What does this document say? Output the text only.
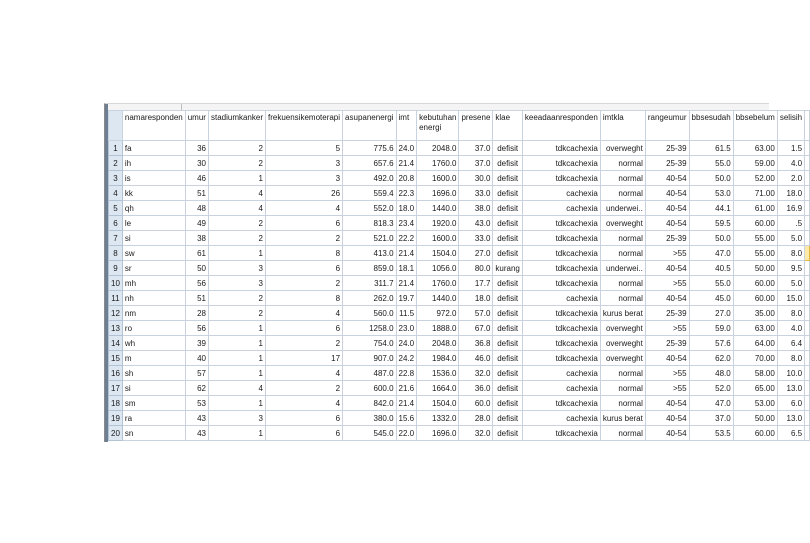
	namaresponden	umur	stadiumkanker	frekuensikemoterapi	asupanenergi	imt	kebutuhan energi	presene	klae	keeadaanresponden	imtkla	rangeumur	bbsesudah	bbsebelum	selisih	
1	fa	36	2	5	775.6	24.0	2048.0	37.0	defisit	tdkcachexia	overweght	25-39	61.5	63.00	1.5	
2	ih	30	2	3	657.6	21.4	1760.0	37.0	defisit	tdkcachexia	normal	25-39	55.0	59.00	4.0	
3	is	46	1	3	492.0	20.8	1600.0	30.0	defisit	tdkcachexia	normal	40-54	50.0	52.00	2.0	
4	kk	51	4	26	559.4	22.3	1696.0	33.0	defisit	cachexia	normal	40-54	53.0	71.00	18.0	
5	qh	48	4	4	552.0	18.0	1440.0	38.0	defisit	cachexia	underwei..	40-54	44.1	61.00	16.9	
6	le	49	2	6	818.3	23.4	1920.0	43.0	defisit	tdkcachexia	overweght	40-54	59.5	60.00	.5	
7	si	38	2	2	521.0	22.2	1600.0	33.0	defisit	tdkcachexia	normal	25-39	50.0	55.00	5.0	
8	sw	61	1	8	413.0	21.4	1504.0	27.0	defisit	tdkcachexia	normal	>55	47.0	55.00	8.0	
9	sr	50	3	6	859.0	18.1	1056.0	80.0	kurang	tdkcachexia	underwei..	40-54	40.5	50.00	9.5	
10	mh	56	3	2	311.7	21.4	1760.0	17.7	defisit	tdkcachexia	normal	>55	55.0	60.00	5.0	
11	nh	51	2	8	262.0	19.7	1440.0	18.0	defisit	cachexia	normal	40-54	45.0	60.00	15.0	
12	nm	28	2	4	560.0	11.5	972.0	57.0	defisit	tdkcachexia	kurus berat	25-39	27.0	35.00	8.0	
13	ro	56	1	6	1258.0	23.0	1888.0	67.0	defisit	tdkcachexia	overweght	>55	59.0	63.00	4.0	
14	wh	39	1	2	754.0	24.0	2048.0	36.8	defisit	tdkcachexia	overweght	25-39	57.6	64.00	6.4	
15	m	40	1	17	907.0	24.2	1984.0	46.0	defisit	tdkcachexia	overweght	40-54	62.0	70.00	8.0	
16	sh	57	1	4	487.0	22.8	1536.0	32.0	defisit	cachexia	normal	>55	48.0	58.00	10.0	
17	si	62	4	2	600.0	21.6	1664.0	36.0	defisit	cachexia	normal	>55	52.0	65.00	13.0	
18	sm	53	1	4	842.0	21.4	1504.0	60.0	defisit	tdkcachexia	normal	40-54	47.0	53.00	6.0	
19	ra	43	3	6	380.0	15.6	1332.0	28.0	defisit	cachexia	kurus berat	40-54	37.0	50.00	13.0	
20	sn	43	1	6	545.0	22.0	1696.0	32.0	defisit	tdkcachexia	normal	40-54	53.5	60.00	6.5	
